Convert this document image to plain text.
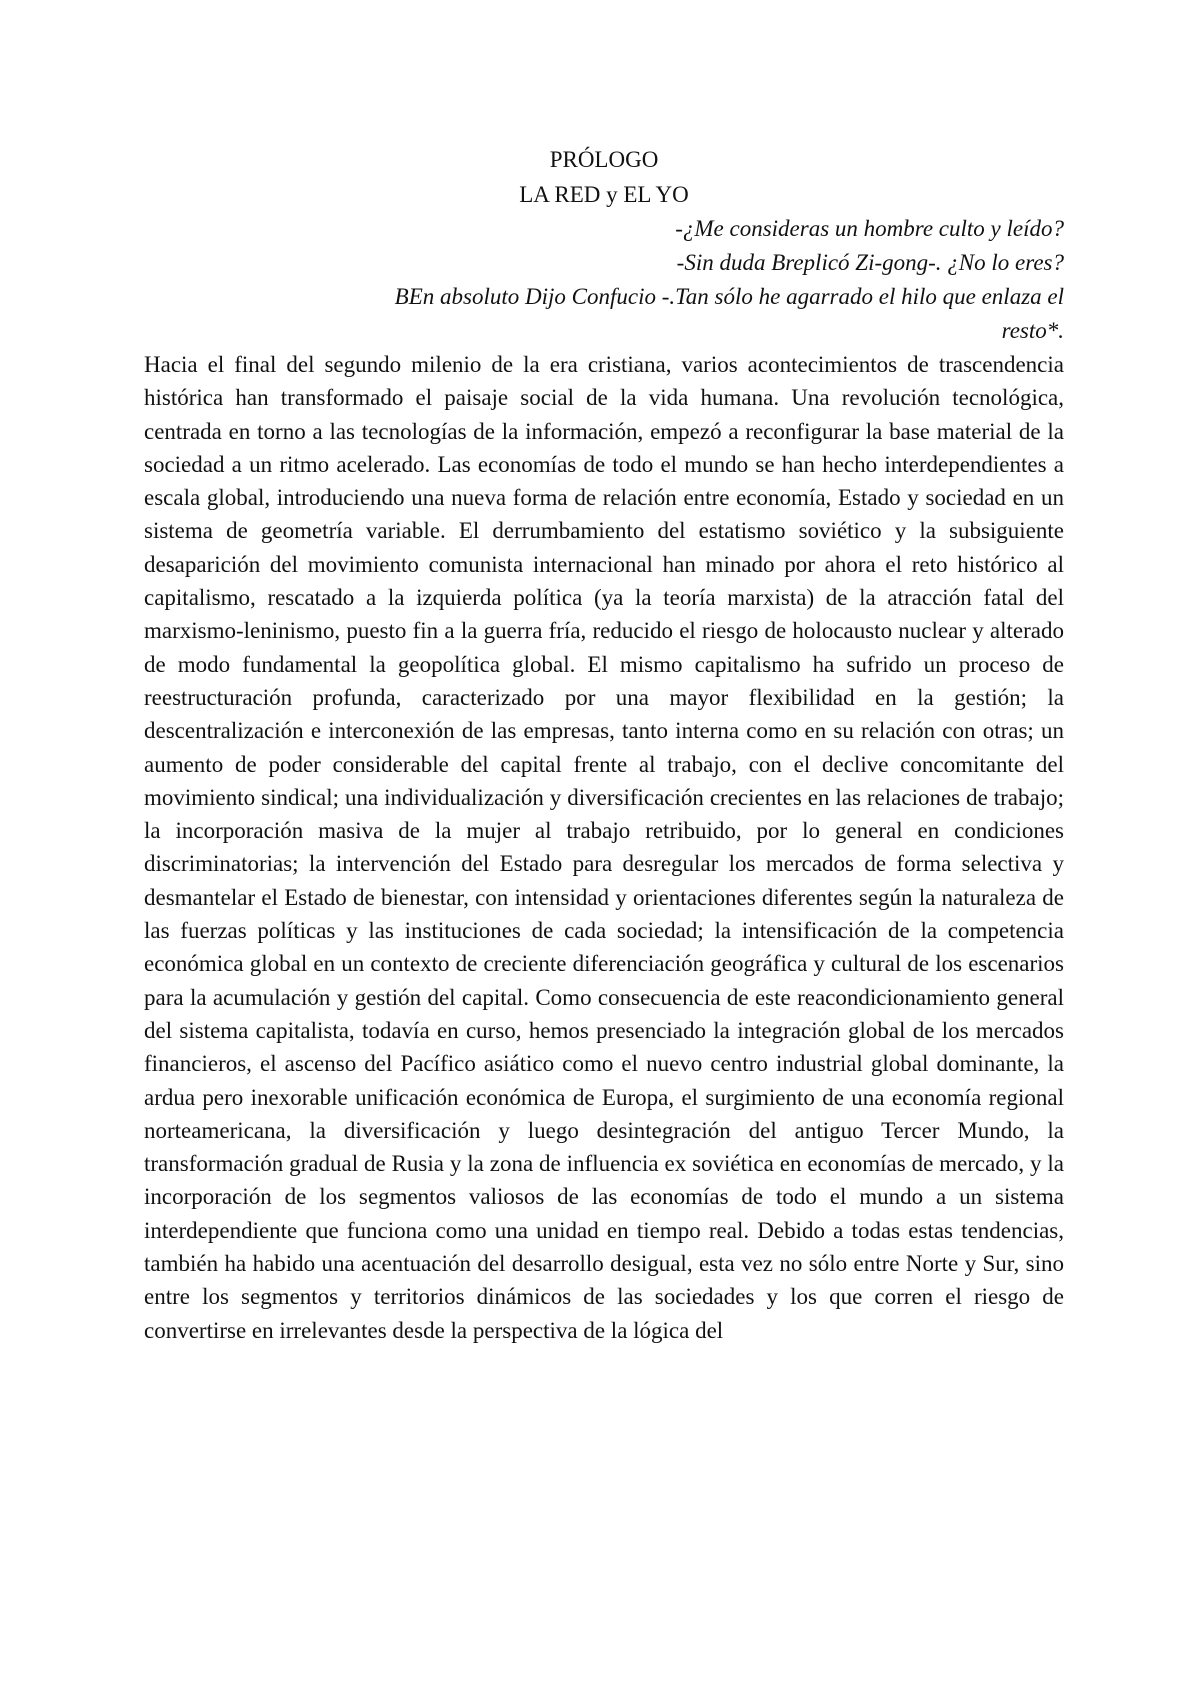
PRÓLOGO
LA RED y EL YO
-¿Me consideras un hombre culto y leído?
-Sin duda Breplicó Zi-gong-. ¿No lo eres?
BEn absoluto Dijo Confucio -.Tan sólo he agarrado el hilo que enlaza el
resto*.

Hacia el final del segundo milenio de la era cristiana, varios acontecimientos de trascendencia histórica han transformado el paisaje social de la vida humana. Una revolución tecnológica, centrada en torno a las tecnologías de la información, empezó a reconfigurar la base material de la sociedad a un ritmo acelerado. Las economías de todo el mundo se han hecho interdependientes a escala global, introduciendo una nueva forma de relación entre economía, Estado y sociedad en un sistema de geometría variable. El derrumbamiento del estatismo soviético y la subsiguiente desaparición del movimiento comunista internacional han minado por ahora el reto histórico al capitalismo, rescatado a la izquierda política (ya la teoría marxista) de la atracción fatal del marxismo-leninismo, puesto fin a la guerra fría, reducido el riesgo de holocausto nuclear y alterado de modo fundamental la geopolítica global. El mismo capitalismo ha sufrido un proceso de reestructuración profunda, caracterizado por una mayor flexibilidad en la gestión; la descentralización e interconexión de las empresas, tanto interna como en su relación con otras; un aumento de poder considerable del capital frente al trabajo, con el declive concomitante del movimiento sindical; una individualización y diversificación crecientes en las relaciones de trabajo; la incorporación masiva de la mujer al trabajo retribuido, por lo general en condiciones discriminatorias; la intervención del Estado para desregular los mercados de forma selectiva y desmantelar el Estado de bienestar, con intensidad y orientaciones diferentes según la naturaleza de las fuerzas políticas y las instituciones de cada sociedad; la intensificación de la competencia económica global en un contexto de creciente diferenciación geográfica y cultural de los escenarios para la acumulación y gestión del capital. Como consecuencia de este reacondicionamiento general del sistema capitalista, todavía en curso, hemos presenciado la integración global de los mercados financieros, el ascenso del Pacífico asiático como el nuevo centro industrial global dominante, la ardua pero inexorable unificación económica de Europa, el surgimiento de una economía regional norteamericana, la diversificación y luego desintegración del antiguo Tercer Mundo, la transformación gradual de Rusia y la zona de influencia ex soviética en economías de mercado, y la incorporación de los segmentos valiosos de las economías de todo el mundo a un sistema interdependiente que funciona como una unidad en tiempo real. Debido a todas estas tendencias, también ha habido una acentuación del desarrollo desigual, esta vez no sólo entre Norte y Sur, sino entre los segmentos y territorios dinámicos de las sociedades y los que corren el riesgo de convertirse en irrelevantes desde la perspectiva de la lógica del
